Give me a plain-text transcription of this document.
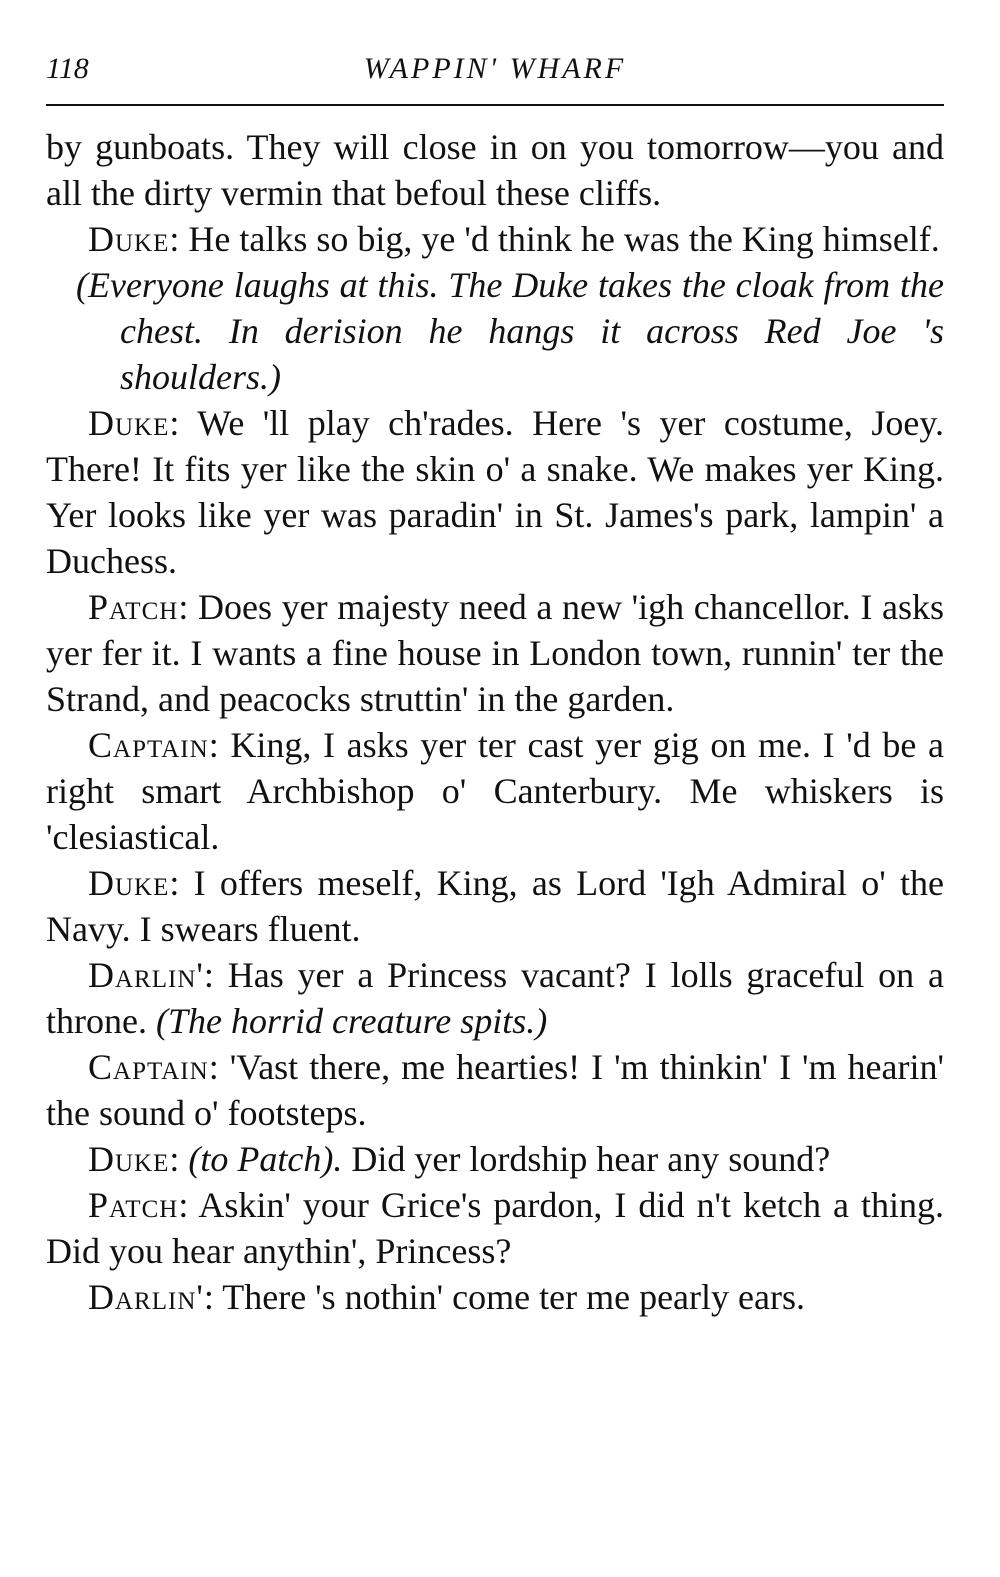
118	WAPPIN' WHARF

by gunboats. They will close in on you tomorrow—you and all the dirty vermin that befoul these cliffs.

Duke: He talks so big, ye 'd think he was the King himself.

(Everyone laughs at this. The Duke takes the cloak from the chest. In derision he hangs it across Red Joe 's shoulders.)

Duke: We 'll play ch'rades. Here 's yer costume, Joey. There! It fits yer like the skin o' a snake. We makes yer King. Yer looks like yer was paradin' in St. James's park, lampin' a Duchess.

Patch: Does yer majesty need a new 'igh chancellor. I asks yer fer it. I wants a fine house in London town, runnin' ter the Strand, and peacocks struttin' in the garden.

Captain: King, I asks yer ter cast yer gig on me. I 'd be a right smart Archbishop o' Canterbury. Me whiskers is 'clesiastical.

Duke: I offers meself, King, as Lord 'Igh Admiral o' the Navy. I swears fluent.

Darlin': Has yer a Princess vacant? I lolls graceful on a throne. (The horrid creature spits.)

Captain: 'Vast there, me hearties! I 'm thinkin' I 'm hearin' the sound o' footsteps.

Duke: (to Patch). Did yer lordship hear any sound?

Patch: Askin' your Grice's pardon, I did n't ketch a thing. Did you hear anythin', Princess?

Darlin': There 's nothin' come ter me pearly ears.
